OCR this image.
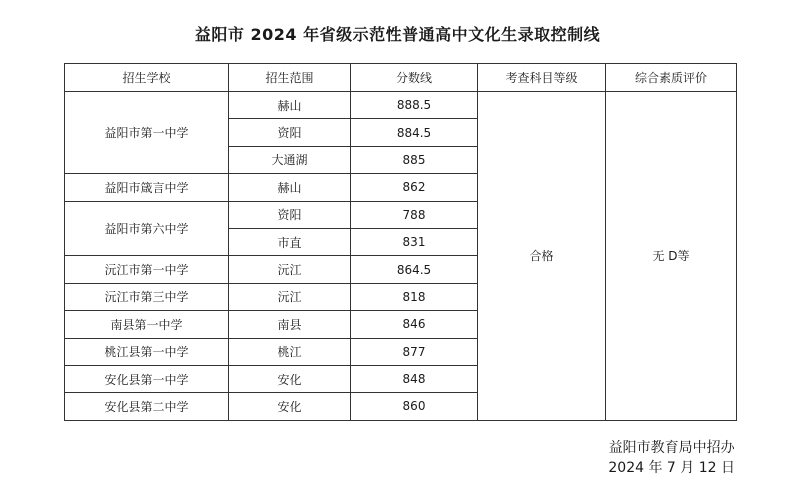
益阳市 2024 年省级示范性普通高中文化生录取控制线
招生学校	招生范围	分数线	考查科目等级	综合素质评价
益阳市第一中学	赫山	888.5	合格	无 D等
	资阳	884.5		
	大通湖	885		
益阳市箴言中学	赫山	862		
益阳市第六中学	资阳	788		
	市直	831		
沅江市第一中学	沅江	864.5		
沅江市第三中学	沅江	818		
南县第一中学	南县	846		
桃江县第一中学	桃江	877		
安化县第一中学	安化	848		
安化县第二中学	安化	860		
益阳市教育局中招办
2024 年 7 月 12 日
